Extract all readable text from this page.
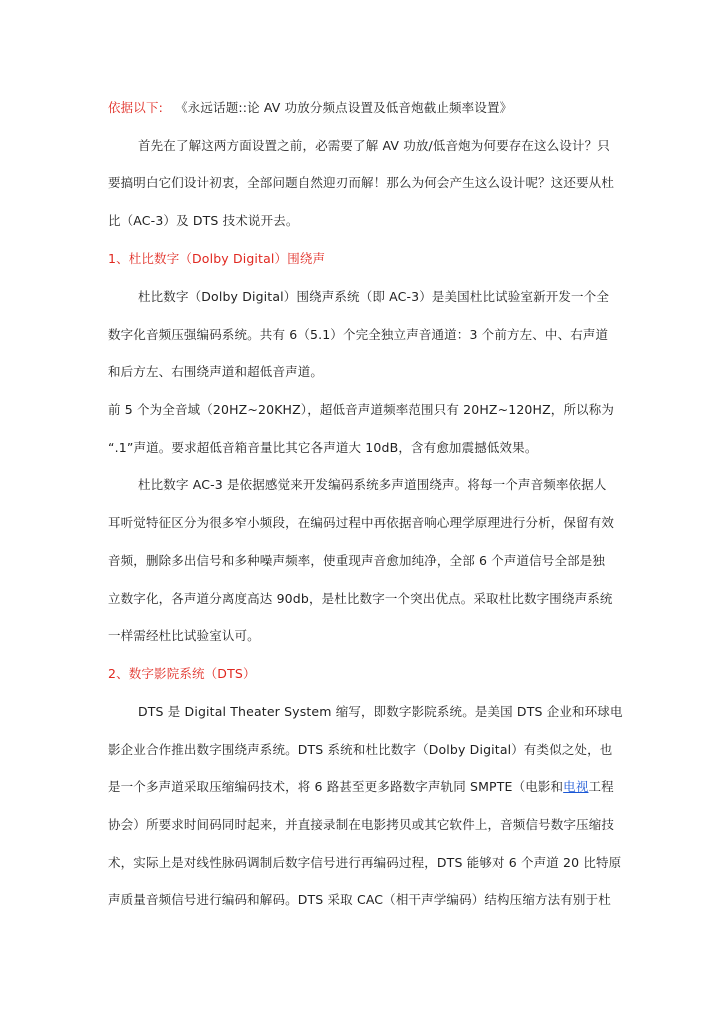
依据以下: 《永远话题::论 AV 功放分频点设置及低音炮截止频率设置》
首先在了解这两方面设置之前，必需要了解 AV 功放/低音炮为何要存在这么设计？只
要搞明白它们设计初衷，全部问题自然迎刃而解！那么为何会产生这么设计呢？这还要从杜
比（AC-3）及 DTS 技术说开去。
1、杜比数字（Dolby Digital）围绕声
杜比数字（Dolby Digital）围绕声系统（即 AC-3）是美国杜比试验室新开发一个全
数字化音频压强编码系统。共有 6（5.1）个完全独立声音通道：3 个前方左、中、右声道
和后方左、右围绕声道和超低音声道。
前 5 个为全音域（20HZ~20KHZ），超低音声道频率范围只有 20HZ~120HZ，所以称为
“.1”声道。要求超低音箱音量比其它各声道大 10dB，含有愈加震撼低效果。
杜比数字 AC-3 是依据感觉来开发编码系统多声道围绕声。将每一个声音频率依据人
耳听觉特征区分为很多窄小频段，在编码过程中再依据音响心理学原理进行分析，保留有效
音频，删除多出信号和多种噪声频率，使重现声音愈加纯净，全部 6 个声道信号全部是独
立数字化，各声道分离度高达 90db，是杜比数字一个突出优点。采取杜比数字围绕声系统
一样需经杜比试验室认可。
2、数字影院系统（DTS）
DTS 是 Digital Theater System 缩写，即数字影院系统。是美国 DTS 企业和环球电
影企业合作推出数字围绕声系统。DTS 系统和杜比数字（Dolby Digital）有类似之处，也
是一个多声道采取压缩编码技术，将 6 路甚至更多路数字声轨同 SMPTE（电影和电视工程
协会）所要求时间码同时起来，并直接录制在电影拷贝或其它软件上，音频信号数字压缩技
术，实际上是对线性脉码调制后数字信号进行再编码过程，DTS 能够对 6 个声道 20 比特原
声质量音频信号进行编码和解码。DTS 采取 CAC（相干声学编码）结构压缩方法有别于杜
